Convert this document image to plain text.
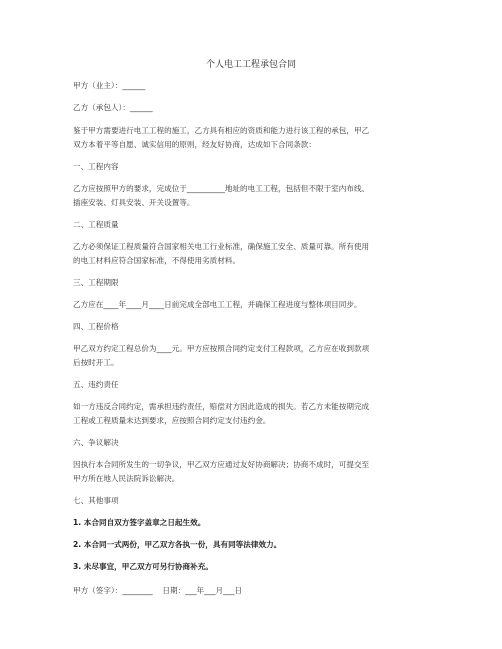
个人电工工程承包合同
甲方（业主）：______
乙方（承包人）：______
鉴于甲方需要进行电工工程的施工，乙方具有相应的资质和能力进行该工程的承包，甲乙
双方本着平等自愿、诚实信用的原则，经友好协商，达成如下合同条款：
一、工程内容
乙方应按照甲方的要求，完成位于__________地址的电工工程，包括但不限于室内布线、
插座安装、灯具安装、开关设置等。
二、工程质量
乙方必须保证工程质量符合国家相关电工行业标准，确保施工安全、质量可靠。所有使用
的电工材料应符合国家标准，不得使用劣质材料。
三、工程期限
乙方应在____年____月____日前完成全部电工工程，并确保工程进度与整体项目同步。
四、工程价格
甲乙双方约定工程总价为____元。甲方应按照合同约定支付工程款项，乙方应在收到款项
后按时开工。
五、违约责任
如一方违反合同约定，需承担违约责任，赔偿对方因此造成的损失。若乙方未能按期完成
工程或工程质量未达到要求，应按照合同约定支付违约金。
六、争议解决
因执行本合同所发生的一切争议，甲乙双方应通过友好协商解决；协商不成时，可提交至
甲方所在地人民法院诉讼解决。
七、其他事项
1. 本合同自双方签字盖章之日起生效。
2. 本合同一式两份，甲乙双方各执一份，具有同等法律效力。
3. 未尽事宜，甲乙双方可另行协商补充。
甲方（签字）：________    日期：___年___月___日
